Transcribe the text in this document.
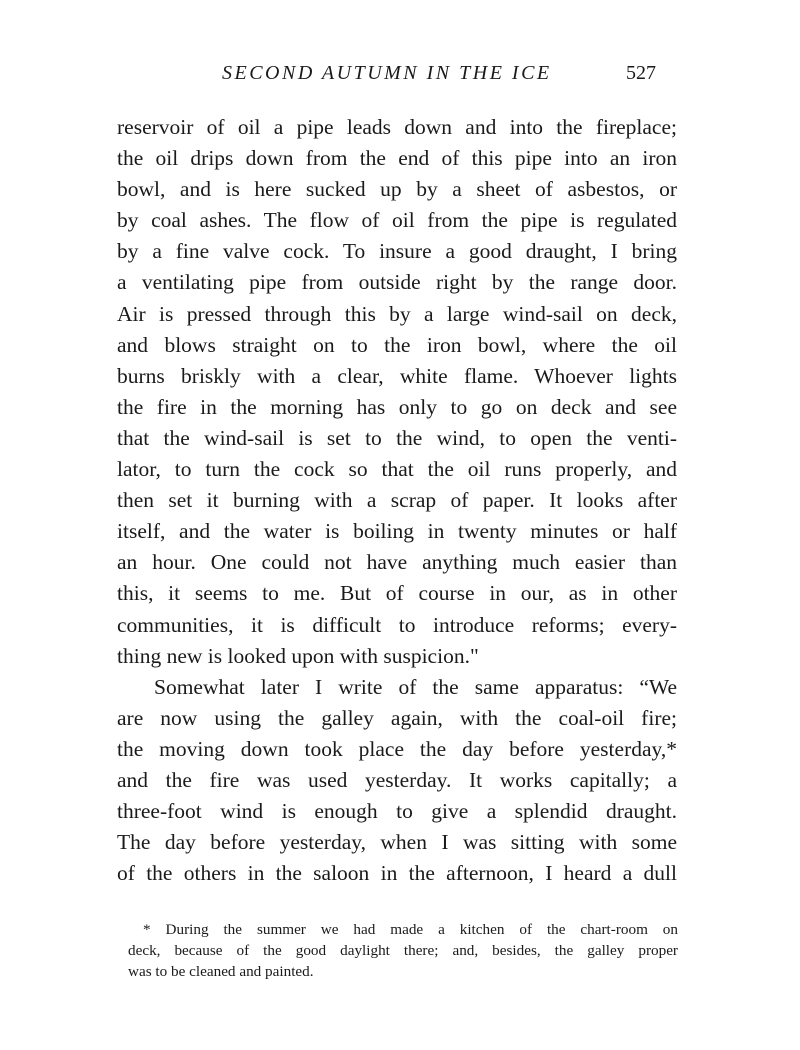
SECOND AUTUMN IN THE ICE	527
reservoir of oil a pipe leads down and into the fireplace;
the oil drips down from the end of this pipe into an iron
bowl, and is here sucked up by a sheet of asbestos, or
by coal ashes. The flow of oil from the pipe is regulated
by a fine valve cock. To insure a good draught, I bring
a ventilating pipe from outside right by the range door.
Air is pressed through this by a large wind-sail on deck,
and blows straight on to the iron bowl, where the oil
burns briskly with a clear, white flame. Whoever lights
the fire in the morning has only to go on deck and see
that the wind-sail is set to the wind, to open the venti-
lator, to turn the cock so that the oil runs properly, and
then set it burning with a scrap of paper. It looks after
itself, and the water is boiling in twenty minutes or half
an hour. One could not have anything much easier than
this, it seems to me. But of course in our, as in other
communities, it is difficult to introduce reforms; every-
thing new is looked upon with suspicion."
Somewhat later I write of the same apparatus: “We
are now using the galley again, with the coal-oil fire;
the moving down took place the day before yesterday,*
and the fire was used yesterday. It works capitally; a
three-foot wind is enough to give a splendid draught.
The day before yesterday, when I was sitting with some
of the others in the saloon in the afternoon, I heard a dull
* During the summer we had made a kitchen of the chart-room on
deck, because of the good daylight there; and, besides, the galley proper
was to be cleaned and painted.
